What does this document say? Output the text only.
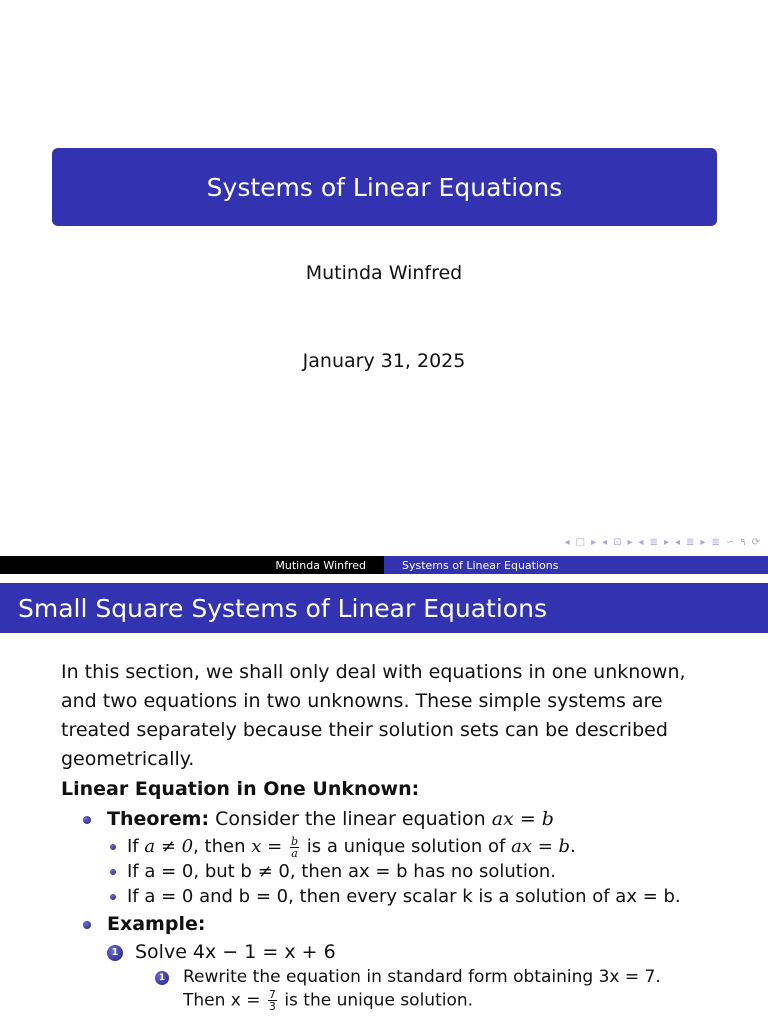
Systems of Linear Equations
Mutinda Winfred
January 31, 2025
◂ □ ▸ ◂ ⊡ ▸ ◂ ≣ ▸ ◂ ≣ ▸ ≣ ∽ ٩ ⟳
Mutinda Winfred	Systems of Linear Equations
Small Square Systems of Linear Equations

In this section, we shall only deal with equations in one unknown, and two equations in two unknowns. These simple systems are treated separately because their solution sets can be described geometrically.

Linear Equation in One Unknown:
Theorem: Consider the linear equation ax = b
If a ≠ 0, then $x = \frac{b}{a}$ is a unique solution of ax = b.
If a = 0, but b ≠ 0, then ax = b has no solution.
If a = 0 and b = 0, then every scalar k is a solution of ax = b.
Example:
1 Solve 4x − 1 = x + 6
1 Rewrite the equation in standard form obtaining 3x = 7.
Then $x = \frac{7}{3}$ is the unique solution.
